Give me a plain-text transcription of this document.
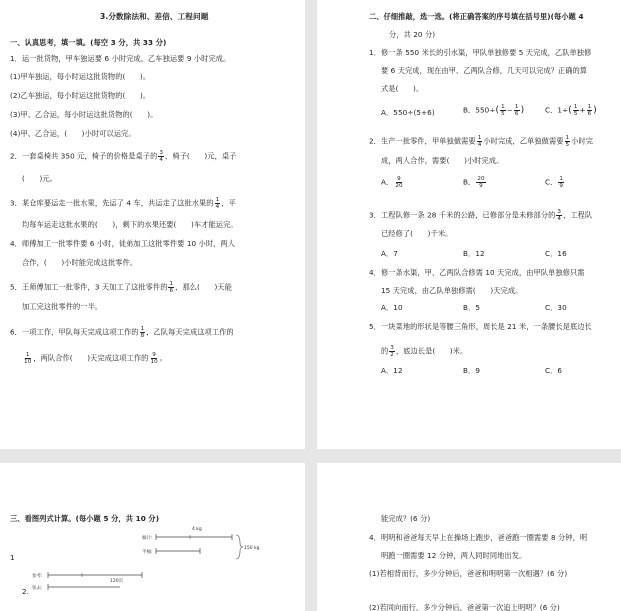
3.分数除法和、差倍、工程问题
一、认真思考，填一填。(每空 3 分，共 33 分)
1．运一批货物，甲车独运要 6 小时完成，乙车独运要 9 小时完成。
(1)甲车独运，每小时运这批货物的(　　)。
(2)乙车独运，每小时运这批货物的(　　)。
(3)甲、乙合运，每小时运这批货物的(　　)。
(4)甲、乙合运，(　　)小时可以运完。
2．一套桌椅共 350 元，椅子的价格是桌子的 $\frac{3}{4}$ ，椅子(　　)元，桌子
(　　)元。
3．某仓库要运走一批水果，先运了 4 车，共运走了这批水果的 $\frac{1}{4}$ ，平
均每车运走这批水果的(　　)，剩下的水果还要(　　)车才能运完。
4．师傅加工一批零件要 6 小时，徒弟加工这批零件要 10 小时，两人
合作，(　　)小时能完成这批零件。
5．王师傅加工一批零件，3 天加工了这批零件的 $\frac{1}{6}$ ，那么(　　)天能
加工完这批零件的一半。
6．一项工作，甲队每天完成这项工作的 $\frac{1}{8}$ ，乙队每天完成这项工作的
$\frac{1}{10}$ ，两队合作(　　)天完成这项工作的 $\frac{9}{10}$ 。
二、仔细推敲，选一选。(将正确答案的序号填在括号里)(每小题 4
分，共 20 分)
1．修一条 550 米长的引水渠，甲队单独修要 5 天完成，乙队单独修
要 6 天完成，现在由甲、乙两队合修，几天可以完成？正确的算
式是(　　)。
A．550÷(5+6)	B．$550\div( \frac{1}{5} - \frac{1}{6}$ )	C．$1\div( \frac{1}{5} + \frac{1}{6}$ )
2．生产一批零件，甲单独做需要 $\frac{1}{4}$ 小时完成，乙单独做需要 $\frac{1}{5}$ 小时完
成，两人合作，需要(　　)小时完成。
A． $\frac{9}{20}$	B． $\frac{20}{9}$	C． $\frac{1}{9}$
3．工程队修一条 28 千米的公路，已修部分是未修部分的 $\frac{3}{4}$ ，工程队
已经修了(　　)千米。
A．7	B．12	C．16
4．修一条水渠，甲、乙两队合修需 10 天完成，由甲队单独修只需
15 天完成，由乙队单独修需(　　)天完成。
A．10	B．5	C．30
5．一块菜地的形状是等腰三角形，周长是 21 米，一条腰长是底边长
的 $\frac{3}{2}$ ，底边长是(　　)米。
A．12	B．9	C．6
三、看图列式计算。(每小题 5 分，共 10 分)
1
4 kg
桶计:
半桶:
150 kg
2.
参考:
张去:
120页
能完成？(6 分)
4．明明和爸爸每天早上在操场上跑步，爸爸跑一圈需要 8 分钟，明
明跑一圈需要 12 分钟，两人同时同地出发。
(1)若相背而行，多少分钟后，爸爸和明明第一次相遇？(6 分)
(2)若同向而行，多少分钟后，爸爸第一次追上明明？(6 分)
